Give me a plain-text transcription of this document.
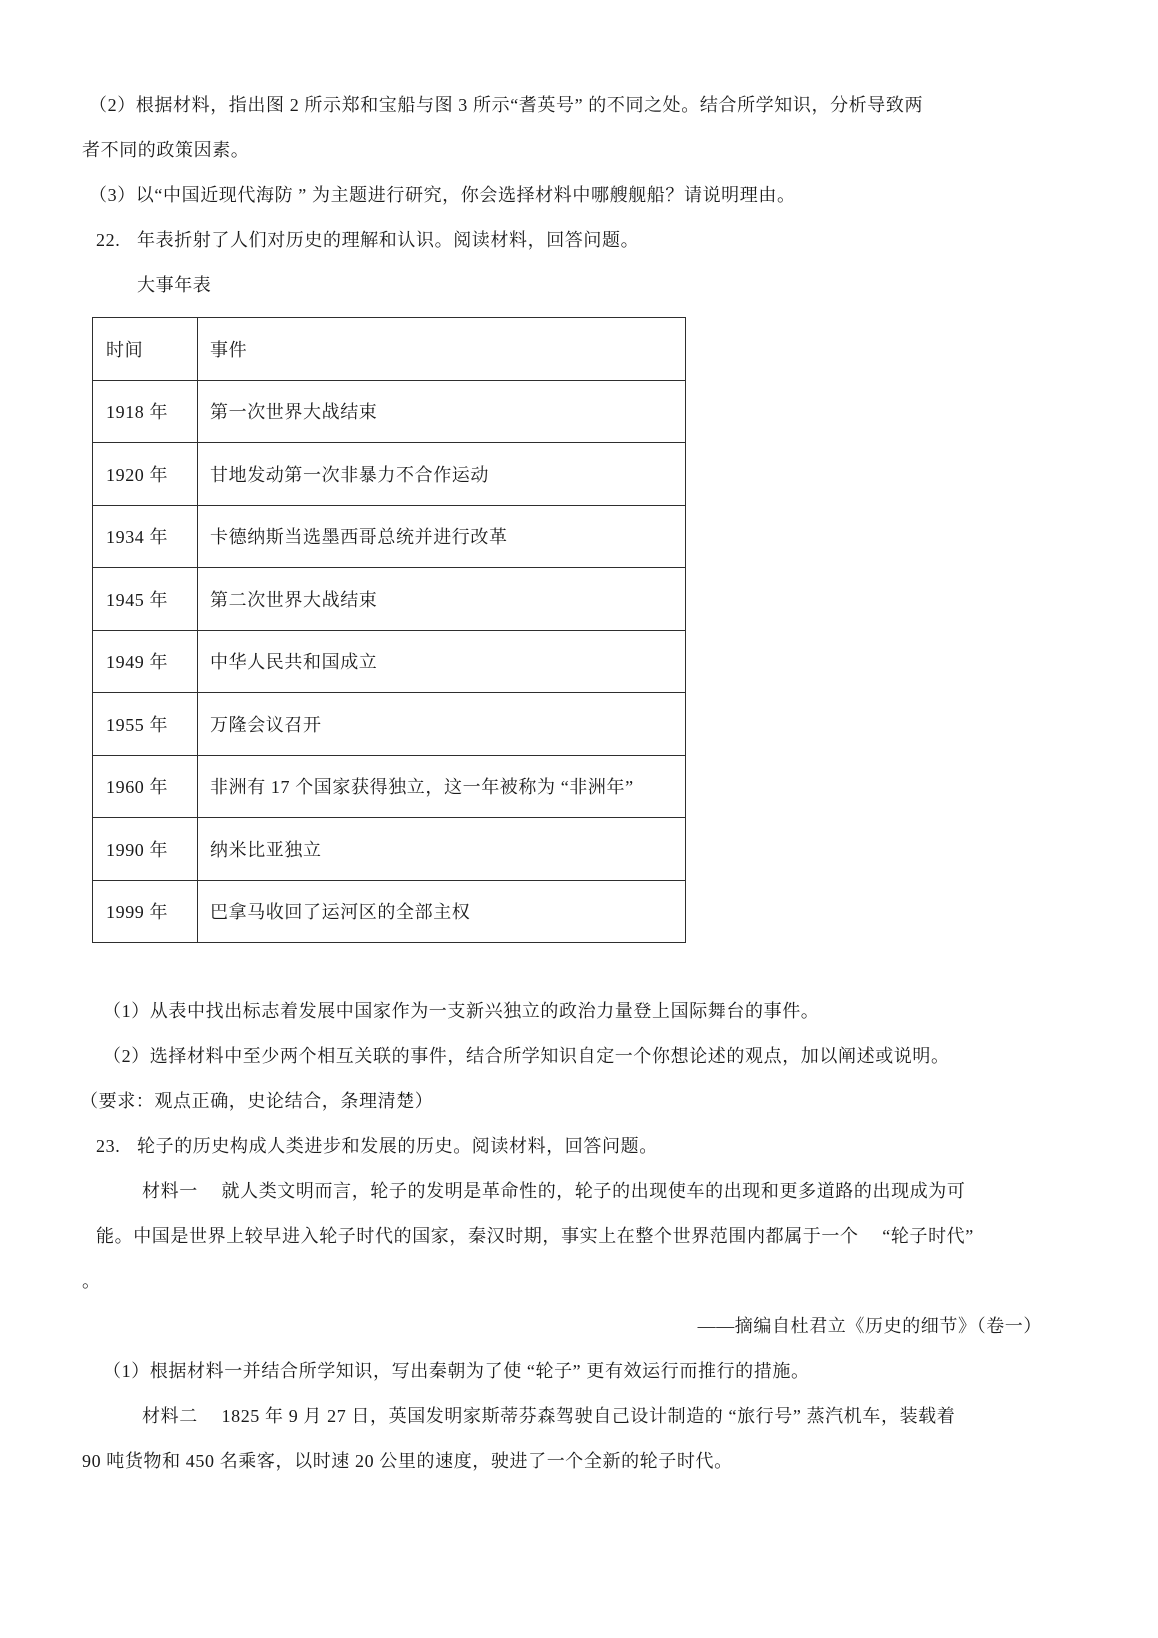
（2）根据材料，指出图 2 所示郑和宝船与图 3 所示“耆英号” 的不同之处。结合所学知识，分析导致两
者不同的政策因素。
（3）以“中国近现代海防 ” 为主题进行研究，你会选择材料中哪艘舰船？请说明理由。
22. 年表折射了人们对历史的理解和认识。阅读材料，回答问题。
大事年表
时间	事件
1918 年	第一次世界大战结束
1920 年	甘地发动第一次非暴力不合作运动
1934 年	卡德纳斯当选墨西哥总统并进行改革
1945 年	第二次世界大战结束
1949 年	中华人民共和国成立
1955 年	万隆会议召开
1960 年	非洲有 17 个国家获得独立，这一年被称为 “非洲年”
1990 年	纳米比亚独立
1999 年	巴拿马收回了运河区的全部主权
（1）从表中找出标志着发展中国家作为一支新兴独立的政治力量登上国际舞台的事件。
（2）选择材料中至少两个相互关联的事件，结合所学知识自定一个你想论述的观点，加以阐述或说明。
（要求：观点正确，史论结合，条理清楚）
23. 轮子的历史构成人类进步和发展的历史。阅读材料，回答问题。
材料一　 就人类文明而言，轮子的发明是革命性的，轮子的出现使车的出现和更多道路的出现成为可
能。中国是世界上较早进入轮子时代的国家，秦汉时期，事实上在整个世界范围内都属于一个　 “轮子时代”
。
——摘编自杜君立《历史的细节》（卷一）
（1）根据材料一并结合所学知识，写出秦朝为了使 “轮子” 更有效运行而推行的措施。
材料二　 1825 年 9 月 27 日，英国发明家斯蒂芬森驾驶自己设计制造的 “旅行号” 蒸汽机车，装载着
90 吨货物和 450 名乘客，以时速 20 公里的速度，驶进了一个全新的轮子时代。
